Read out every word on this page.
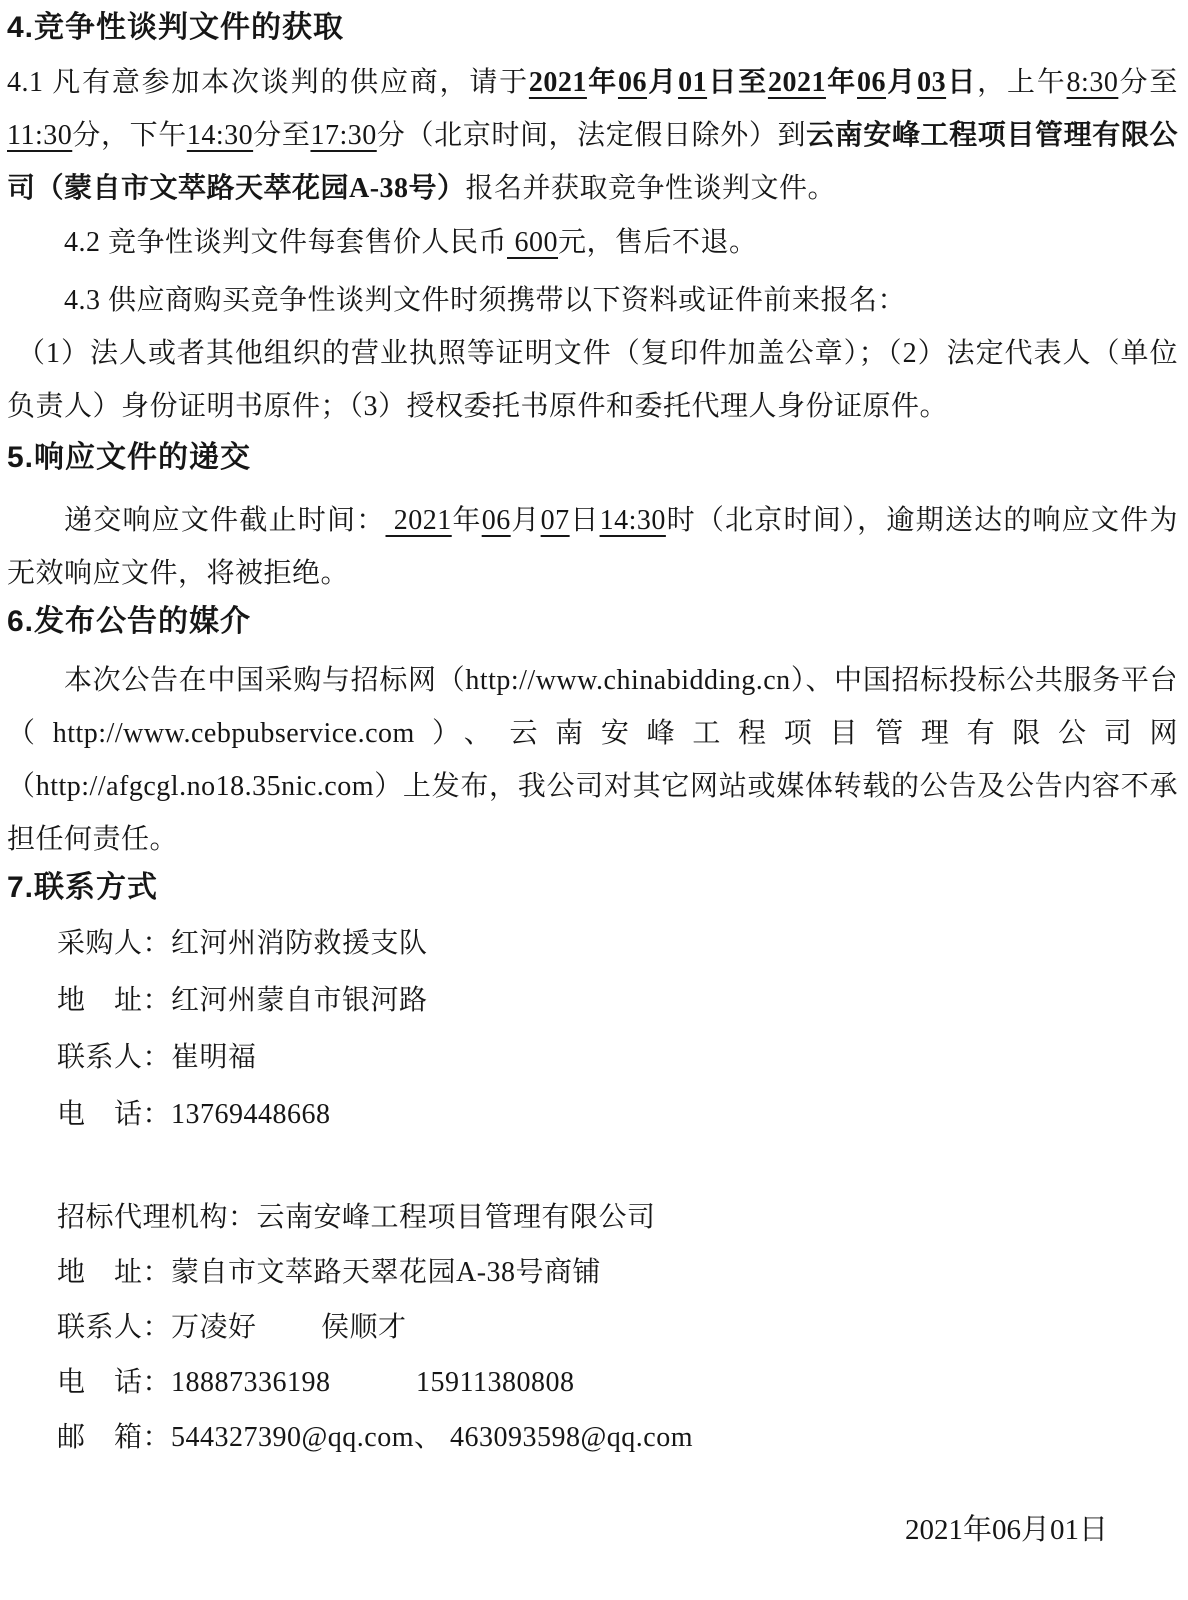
4.竞争性谈判文件的获取

4.1 凡有意参加本次谈判的供应商，请于2021年06月01日至2021年06月03日，上午8:30分至11:30分，下午14:30分至17:30分（北京时间，法定假日除外）到云南安峰工程项目管理有限公司（蒙自市文萃路天萃花园A-38号）报名并获取竞争性谈判文件。

4.2 竞争性谈判文件每套售价人民币 600元，售后不退。

4.3 供应商购买竞争性谈判文件时须携带以下资料或证件前来报名：

（1）法人或者其他组织的营业执照等证明文件（复印件加盖公章）；（2）法定代表人（单位负责人）身份证明书原件；（3）授权委托书原件和委托代理人身份证原件。

5.响应文件的递交

递交响应文件截止时间： 2021年06月07日14:30时（北京时间），逾期送达的响应文件为无效响应文件，将被拒绝。

6.发布公告的媒介

本次公告在中国采购与招标网（http://www.chinabidding.cn）、中国招标投标公共服务平台（http://www.cebpubservice.com）、云南安峰工程项目管理有限公司网（http://afgcgl.no18.35nic.com）上发布，我公司对其它网站或媒体转载的公告及公告内容不承担任何责任。

7.联系方式

采购人：红河州消防救援支队

地　址：红河州蒙自市银河路

联系人：崔明福

电　话：13769448668

招标代理机构：云南安峰工程项目管理有限公司

地　址：蒙自市文萃路天翠花园A-38号商铺

联系人：万凌好　　 侯顺才

电　话：18887336198　　　15911380808

邮　箱：544327390@qq.com、 463093598@qq.com

2021年06月01日
